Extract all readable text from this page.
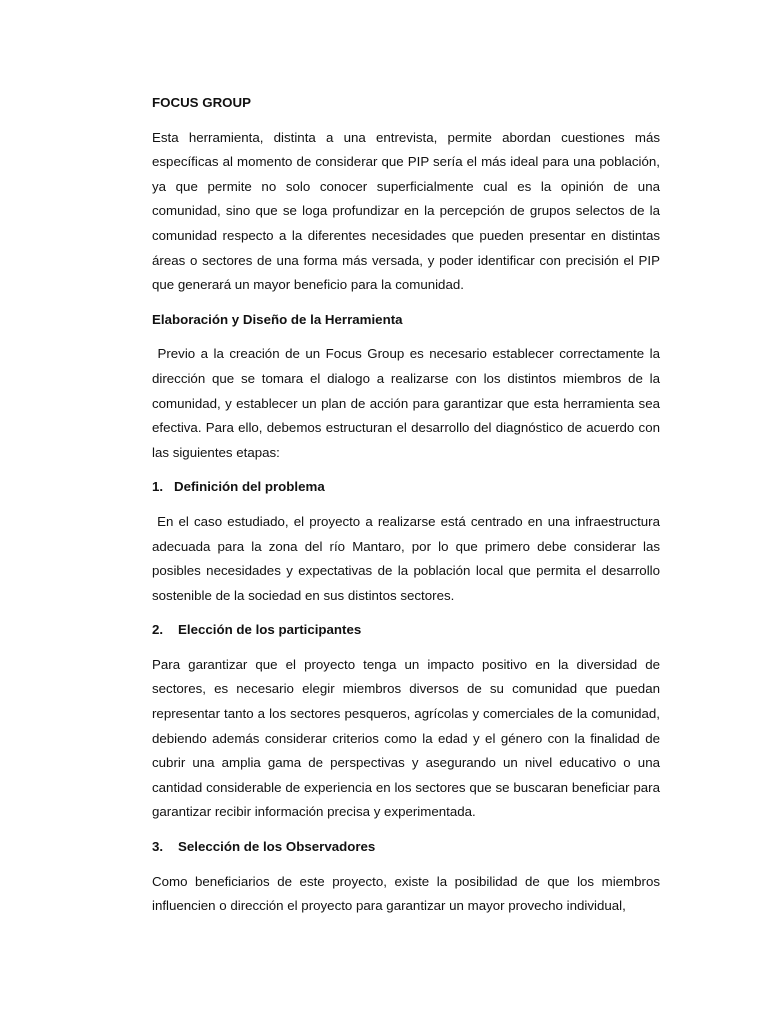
FOCUS GROUP
Esta herramienta, distinta a una entrevista, permite abordan cuestiones más específicas al momento de considerar que PIP sería el más ideal para una población, ya que permite no solo conocer superficialmente cual es la opinión de una comunidad, sino que se loga profundizar en la percepción de grupos selectos de la comunidad respecto a la diferentes necesidades que pueden presentar en distintas áreas o sectores de una forma más versada, y poder identificar con precisión el PIP que generará un mayor beneficio para la comunidad.
Elaboración y Diseño de la Herramienta
Previo a la creación de un Focus Group es necesario establecer correctamente la dirección que se tomara el dialogo a realizarse con los distintos miembros de la comunidad, y establecer un plan de acción para garantizar que esta herramienta sea efectiva. Para ello, debemos estructuran el desarrollo del diagnóstico de acuerdo con las siguientes etapas:
1. Definición del problema
En el caso estudiado, el proyecto a realizarse está centrado en una infraestructura adecuada para la zona del río Mantaro, por lo que primero debe considerar las posibles necesidades y expectativas de la población local que permita el desarrollo sostenible de la sociedad en sus distintos sectores.
2.	Elección de los participantes
Para garantizar que el proyecto tenga un impacto positivo en la diversidad de sectores, es necesario elegir miembros diversos de su comunidad que puedan representar tanto a los sectores pesqueros, agrícolas y comerciales de la comunidad, debiendo además considerar criterios como la edad y el género con la finalidad de cubrir una amplia gama de perspectivas y asegurando un nivel educativo o una cantidad considerable de experiencia en los sectores que se buscaran beneficiar para garantizar recibir información precisa y experimentada.
3.	Selección de los Observadores
Como beneficiarios de este proyecto, existe la posibilidad de que los miembros influencien o dirección el proyecto para garantizar un mayor provecho individual,
